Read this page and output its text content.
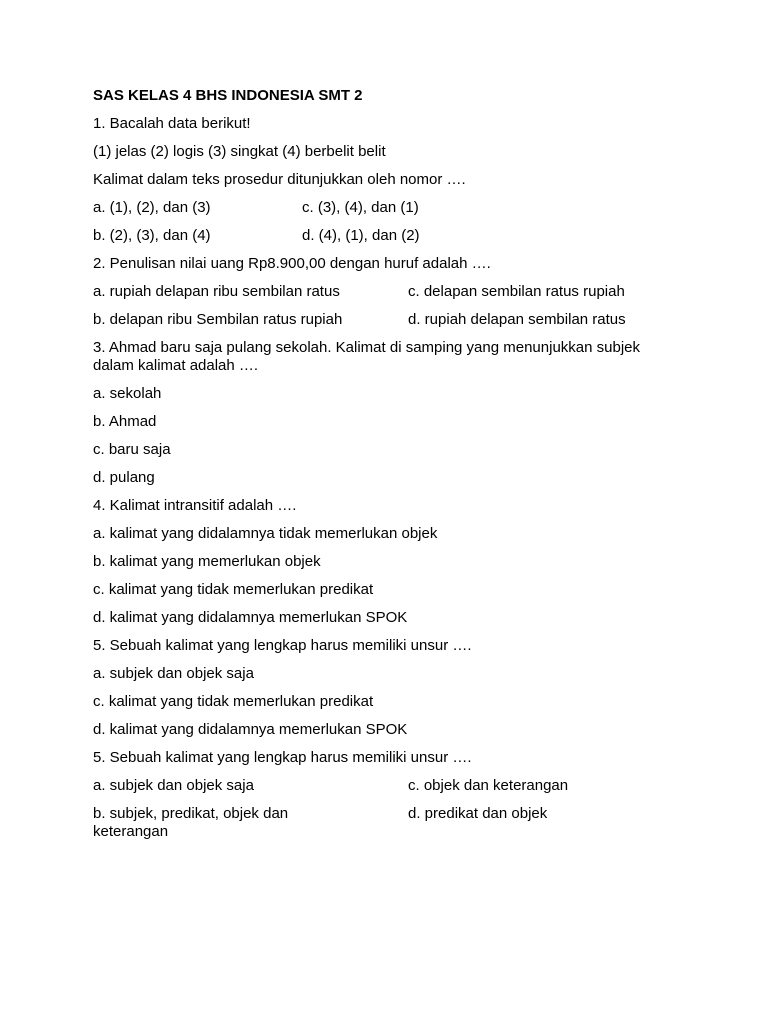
SAS KELAS 4 BHS INDONESIA SMT 2
1. Bacalah data berikut!
(1) jelas (2) logis (3) singkat (4) berbelit belit
Kalimat dalam teks prosedur ditunjukkan oleh nomor ….
a. (1), (2), dan (3)	c. (3), (4), dan (1)
b. (2), (3), dan (4)	d. (4), (1), dan (2)
2. Penulisan nilai uang Rp8.900,00 dengan huruf adalah ….
a. rupiah delapan ribu sembilan ratus	c. delapan sembilan ratus rupiah
b. delapan ribu Sembilan ratus rupiah	d. rupiah delapan sembilan ratus
3. Ahmad baru saja pulang sekolah. Kalimat di samping yang menunjukkan subjek dalam kalimat adalah ….
a. sekolah
b. Ahmad
c. baru saja
d. pulang
4. Kalimat intransitif adalah ….
a. kalimat yang didalamnya tidak memerlukan objek
b. kalimat yang memerlukan objek
c. kalimat yang tidak memerlukan predikat
d. kalimat yang didalamnya memerlukan SPOK
5. Sebuah kalimat yang lengkap harus memiliki unsur ….
a. subjek dan objek saja
c. kalimat yang tidak memerlukan predikat
d. kalimat yang didalamnya memerlukan SPOK
5. Sebuah kalimat yang lengkap harus memiliki unsur ….
a. subjek dan objek saja	c. objek dan keterangan
b. subjek, predikat, objek dan	d. predikat dan objek
keterangan
